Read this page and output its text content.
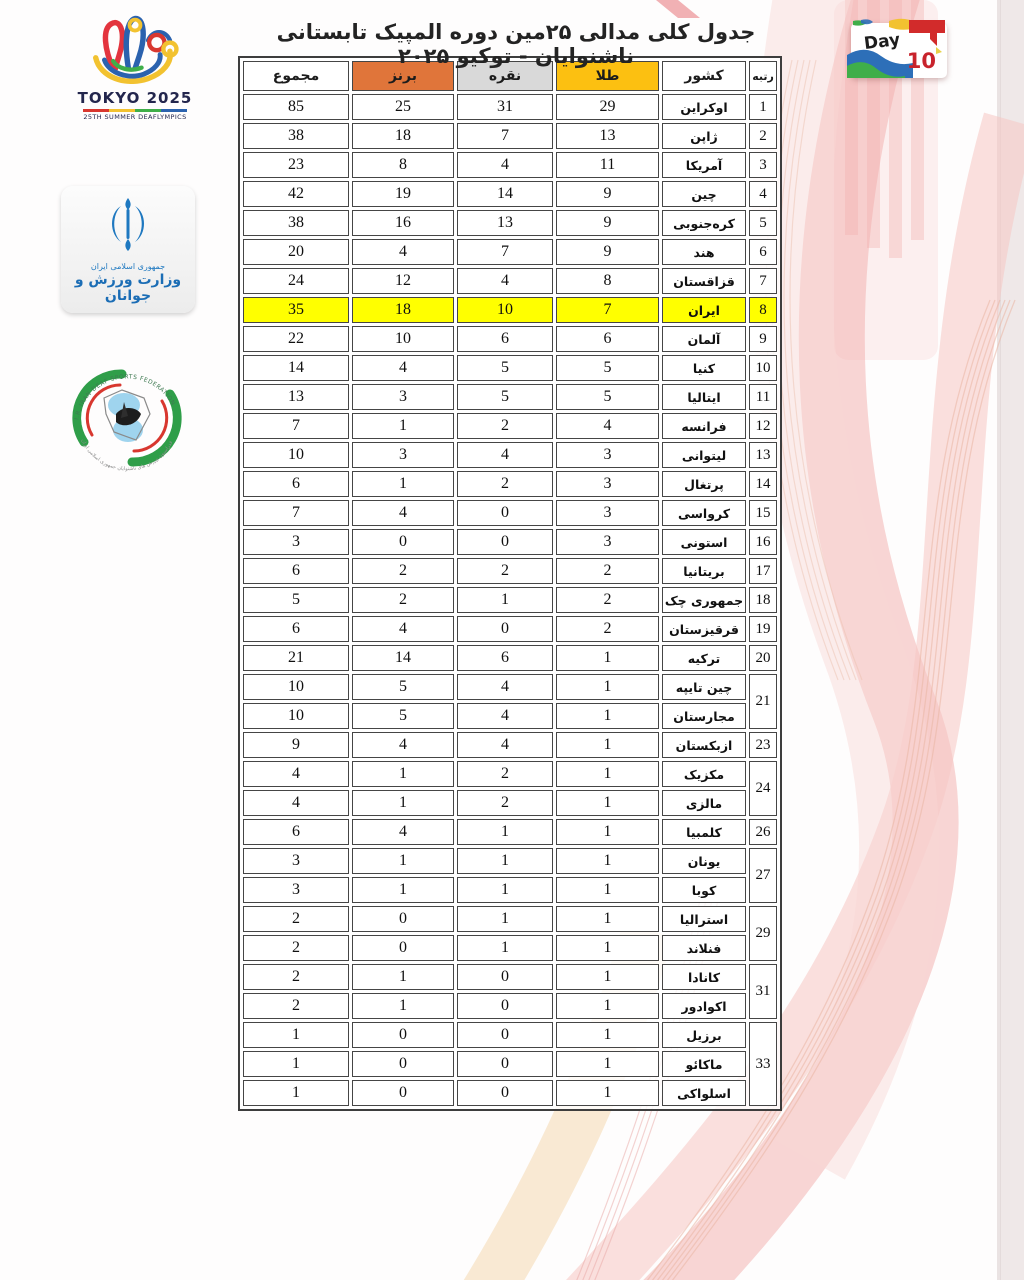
جدول کلی مدالی ۲۵مین دوره المپیک تابستانی ناشنوایان - توکیو ۲۰۲۵
Day
10
TOKYO 2025
25TH SUMMER DEAFLYMPICS
جمهوری اسلامی ایران
وزارت ورزش و جوانان
I.R. IRAN DEAF SPORTS FEDERATION
فدراسیون ورزش های ناشنوایان جمهوری اسلامی ایران
رتبه	کشور	طلا	نقره	برنز	مجموع
1	اوکراین	29	31	25	85
2	ژاپن	13	7	18	38
3	آمریکا	11	4	8	23
4	چین	9	14	19	42
5	کره‌جنوبی	9	13	16	38
6	هند	9	7	4	20
7	قزاقستان	8	4	12	24
8	ایران	7	10	18	35
9	آلمان	6	6	10	22
10	کنیا	5	5	4	14
11	ایتالیا	5	5	3	13
12	فرانسه	4	2	1	7
13	لیتوانی	3	4	3	10
14	پرتغال	3	2	1	6
15	کرواسی	3	0	4	7
16	استونی	3	0	0	3
17	بریتانیا	2	2	2	6
18	جمهوری چک	2	1	2	5
19	قرقیزستان	2	0	4	6
20	ترکیه	1	6	14	21
21	چین تایپه	1	4	5	10
	مجارستان	1	4	5	10
23	ازبکستان	1	4	4	9
24	مکزیک	1	2	1	4
	مالزی	1	2	1	4
26	کلمبیا	1	1	4	6
27	یونان	1	1	1	3
	کوبا	1	1	1	3
29	استرالیا	1	1	0	2
	فنلاند	1	1	0	2
31	کانادا	1	0	1	2
	اکوادور	1	0	1	2
33	برزیل	1	0	0	1
	ماکائو	1	0	0	1
	اسلواکی	1	0	0	1
